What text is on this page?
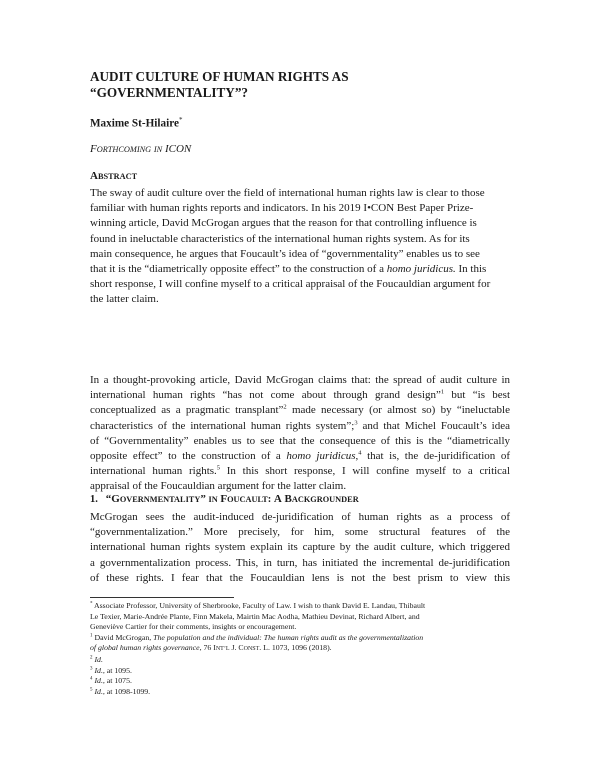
AUDIT CULTURE OF HUMAN RIGHTS AS
“GOVERNMENTALITY”?
Maxime St-Hilaire*
FORTHCOMING IN ICON
ABSTRACT
The sway of audit culture over the field of international human rights law is clear to those
familiar with human rights reports and indicators. In his 2019 I•CON Best Paper Prize-
winning article, David McGrogan argues that the reason for that controlling influence is
found in ineluctable characteristics of the international human rights system. As for its
main consequence, he argues that Foucault’s idea of “governmentality” enables us to see
that it is the “diametrically opposite effect” to the construction of a homo juridicus. In this
short response, I will confine myself to a critical appraisal of the Foucauldian argument for
the latter claim.
In a thought-provoking article, David McGrogan claims that: the spread of audit culture in
international human rights “has not come about through grand design”$^1$ but “is best
conceptualized as a pragmatic transplant”$^2$ made necessary (or almost so) by “ineluctable
characteristics of the international human rights system”;$^3$ and that Michel Foucault’s idea
of “Governmentality” enables us to see that the consequence of this is the “diametrically
opposite effect” to the construction of a homo juridicus,$^4$ that is, the de-juridification of
international human rights.$^5$ In this short response, I will confine myself to a critical
appraisal of the Foucauldian argument for the latter claim.
1. “GOVERNMENTALITY” IN FOUCAULT: A BACKGROUNDER
McGrogan sees the audit-induced de-juridification of human rights as a process of
“governmentalization.” More precisely, for him, some structural features of the
international human rights system explain its capture by the audit culture, which triggered
a governmentalization process. This, in turn, has initiated the incremental de-juridification
of these rights. I fear that the Foucauldian lens is not the best prism to view this
* Associate Professor, University of Sherbrooke, Faculty of Law. I wish to thank David E. Landau, Thibault
Le Texier, Marie-Andrée Plante, Finn Makela, Mairtin Mac Aodha, Mathieu Devinat, Richard Albert, and
Geneviève Cartier for their comments, insights or encouragement.
$^1$ David McGrogan, The population and the individual: The human rights audit as the governmentalization
of global human rights governance, 76 INT’L J. CONST. L. 1073, 1096 (2018).
$^2$ Id.
$^3$ Id., at 1095.
$^4$ Id., at 1075.
$^5$ Id., at 1098-1099.
